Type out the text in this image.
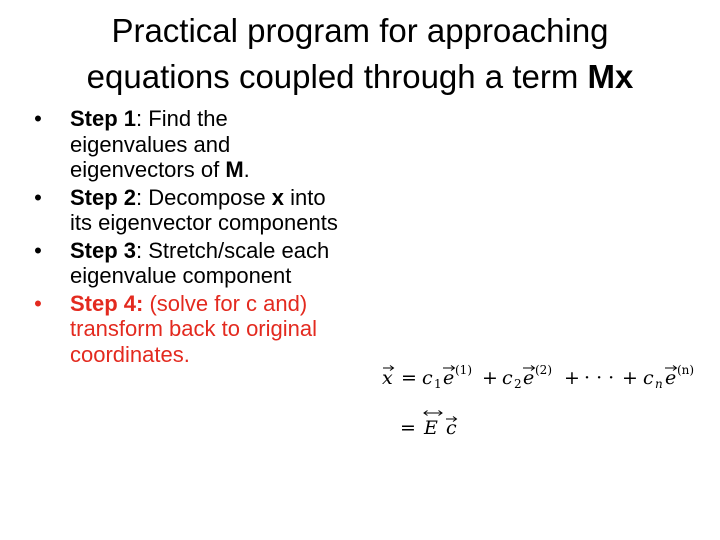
Practical program for approaching
equations coupled through a term Mx
• Step 1: Find the eigenvalues and eigenvectors of M.
• Step 2: Decompose x into its eigenvector components
• Step 3: Stretch/scale each eigenvalue component
• Step 4: (solve for c and) transform back to original coordinates.
x = c 1 e (1) + c 2 e (2) + · · · + c n e (n)
= E c
